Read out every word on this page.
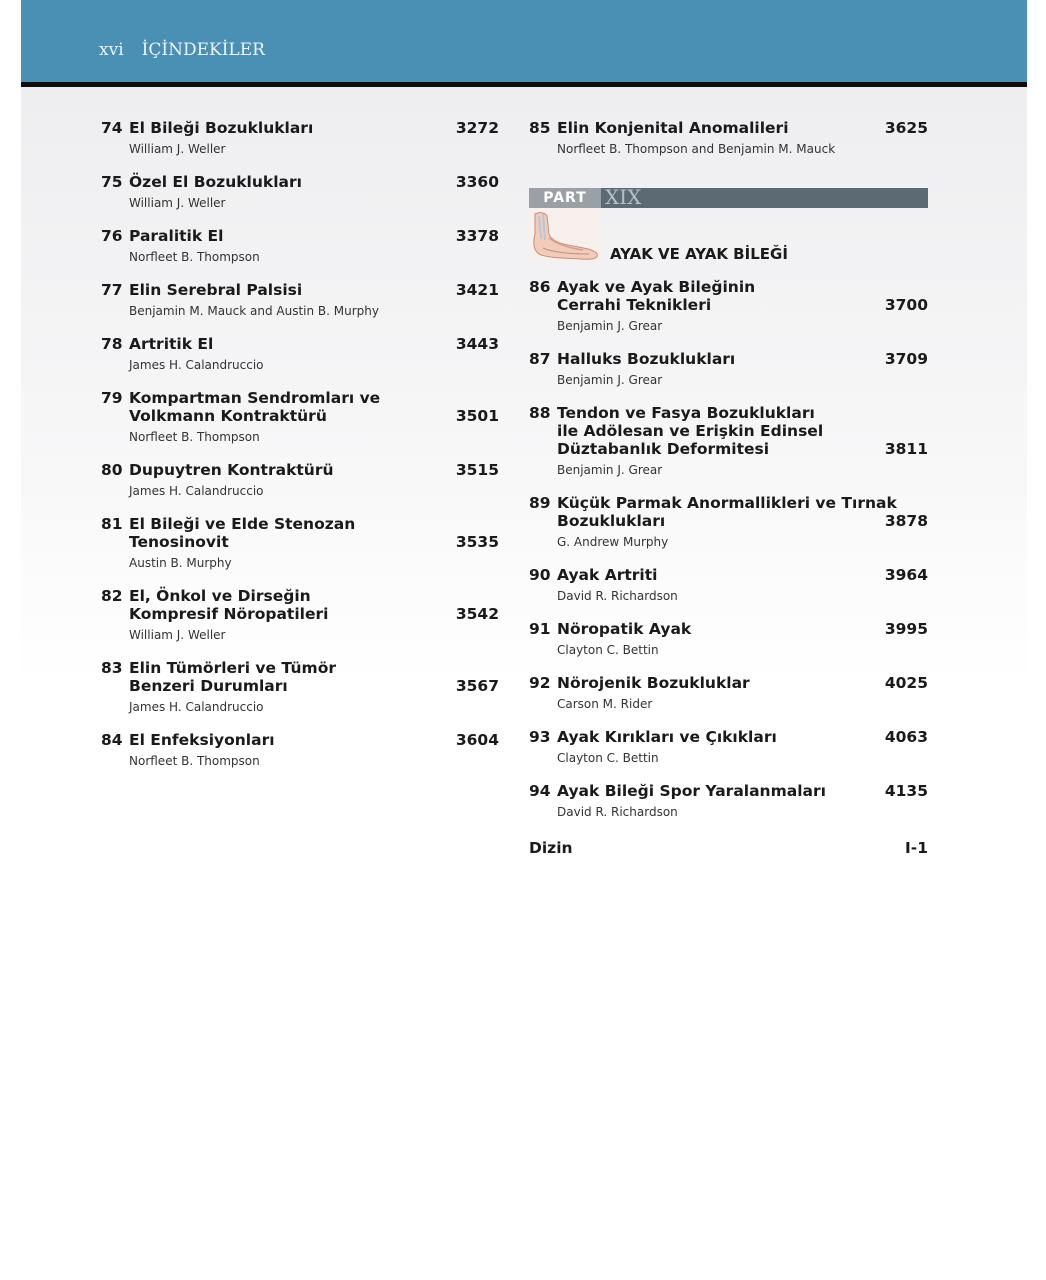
xvi İÇİNDEKİLER
74 El Bileği Bozuklukları	3272
William J. Weller
75 Özel El Bozuklukları	3360
William J. Weller
76 Paralitik El	3378
Norfleet B. Thompson
77 Elin Serebral Palsisi	3421
Benjamin M. Mauck and Austin B. Murphy
78 Artritik El	3443
James H. Calandruccio
79 Kompartman Sendromları ve
Volkmann Kontraktürü	3501
Norfleet B. Thompson
80 Dupuytren Kontraktürü	3515
James H. Calandruccio
81 El Bileği ve Elde Stenozan
Tenosinovit	3535
Austin B. Murphy
82 El, Önkol ve Dirseğin
Kompresif Nöropatileri	3542
William J. Weller
83 Elin Tümörleri ve Tümör
Benzeri Durumları	3567
James H. Calandruccio
84 El Enfeksiyonları	3604
Norfleet B. Thompson
85 Elin Konjenital Anomalileri	3625
Norfleet B. Thompson and Benjamin M. Mauck
PART XIX
AYAK VE AYAK BİLEĞİ
86 Ayak ve Ayak Bileğinin
Cerrahi Teknikleri	3700
Benjamin J. Grear
87 Halluks Bozuklukları	3709
Benjamin J. Grear
88 Tendon ve Fasya Bozuklukları
ile Adölesan ve Erişkin Edinsel
Düztabanlık Deformitesi	3811
Benjamin J. Grear
89 Küçük Parmak Anormallikleri ve Tırnak
Bozuklukları	3878
G. Andrew Murphy
90 Ayak Artriti	3964
David R. Richardson
91 Nöropatik Ayak	3995
Clayton C. Bettin
92 Nörojenik Bozukluklar	4025
Carson M. Rider
93 Ayak Kırıkları ve Çıkıkları	4063
Clayton C. Bettin
94 Ayak Bileği Spor Yaralanmaları	4135
David R. Richardson
Dizin	I-1
